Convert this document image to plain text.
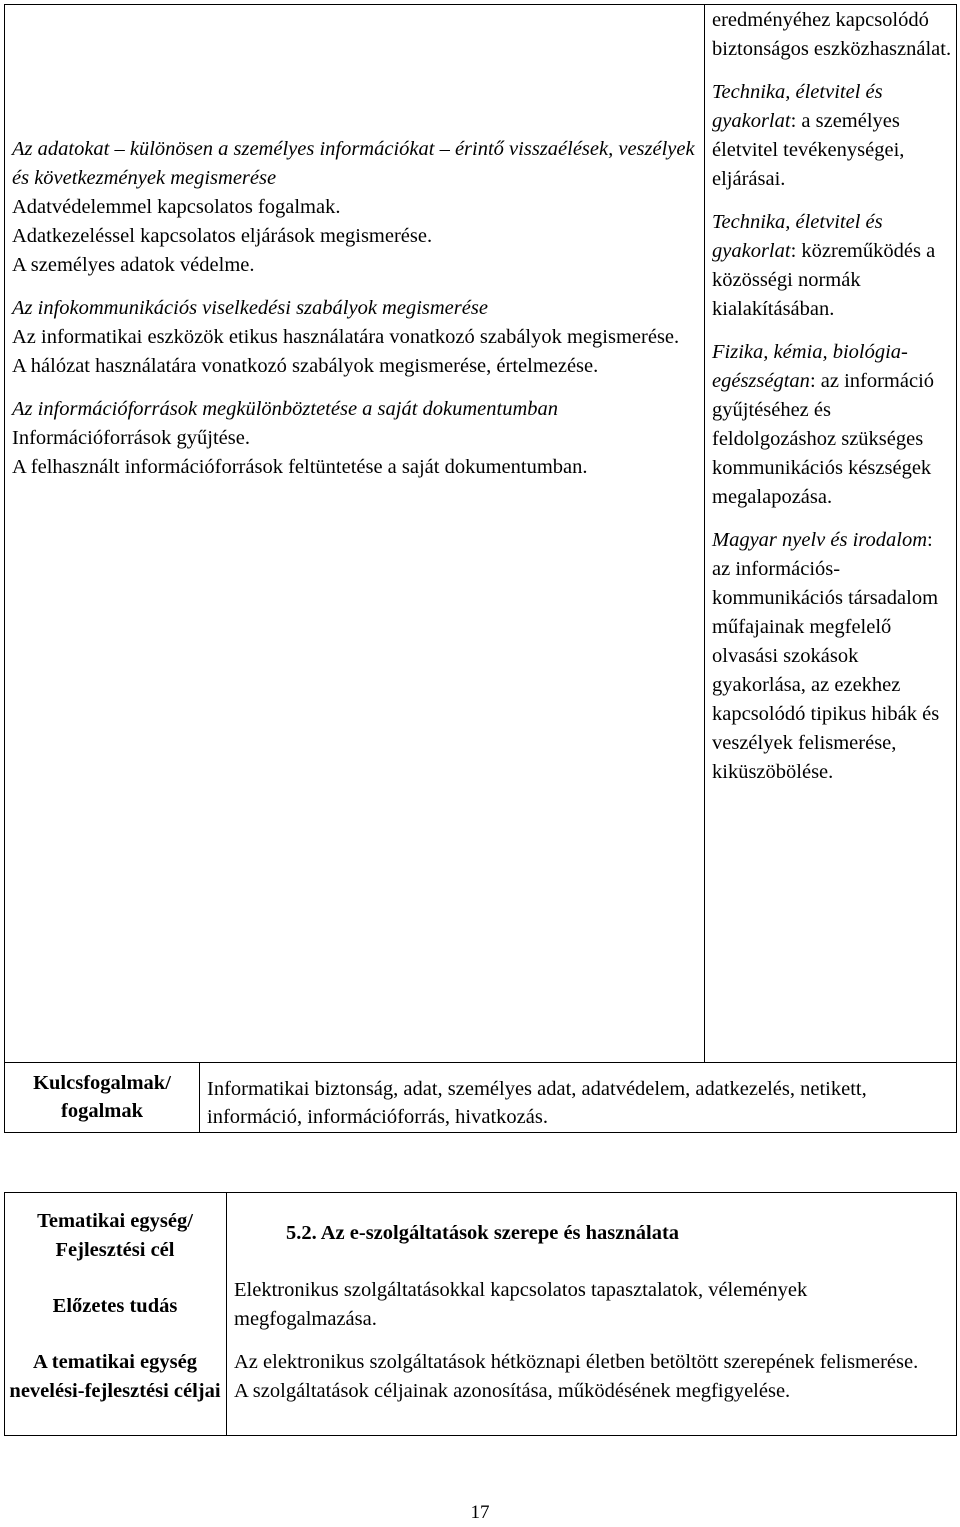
Az adatokat – különösen a személyes információkat – érintő visszaélések, veszélyek és következmények megismerése

Adatvédelemmel kapcsolatos fogalmak.

Adatkezeléssel kapcsolatos eljárások megismerése.

A személyes adatok védelme.

Az infokommunikációs viselkedési szabályok megismerése

Az informatikai eszközök etikus használatára vonatkozó szabályok megismerése.

A hálózat használatára vonatkozó szabályok megismerése, értelmezése.

Az információforrások megkülönböztetése a saját dokumentumban

Információforrások gyűjtése.

A felhasznált információforrások feltüntetése a saját dokumentumban.

eredményéhez kapcsolódó biztonságos eszközhasználat.

Technika, életvitel és gyakorlat: a személyes életvitel tevékenységei, eljárásai.

Technika, életvitel és gyakorlat: közreműködés a közösségi normák kialakításában.

Fizika, kémia, biológia-egészségtan: az információ gyűjtéséhez és feldolgozáshoz szükséges kommunikációs készségek megalapozása.

Magyar nyelv és irodalom: az információs-kommunikációs társadalom műfajainak megfelelő olvasási szokások gyakorlása, az ezekhez kapcsolódó tipikus hibák és veszélyek felismerése, kiküszöbölése.

Kulcsfogalmak/ fogalmak
Informatikai biztonság, adat, személyes adat, adatvédelem, adatkezelés, netikett, információ, információforrás, hivatkozás.
Tematikai egység/ Fejlesztési cél
5.2. Az e-szolgáltatások szerepe és használata
Előzetes tudás
Elektronikus szolgáltatásokkal kapcsolatos tapasztalatok, vélemények megfogalmazása.
A tematikai egység nevelési-fejlesztési céljai

Az elektronikus szolgáltatások hétköznapi életben betöltött szerepének felismerése.

A szolgáltatások céljainak azonosítása, működésének megfigyelése.

17
